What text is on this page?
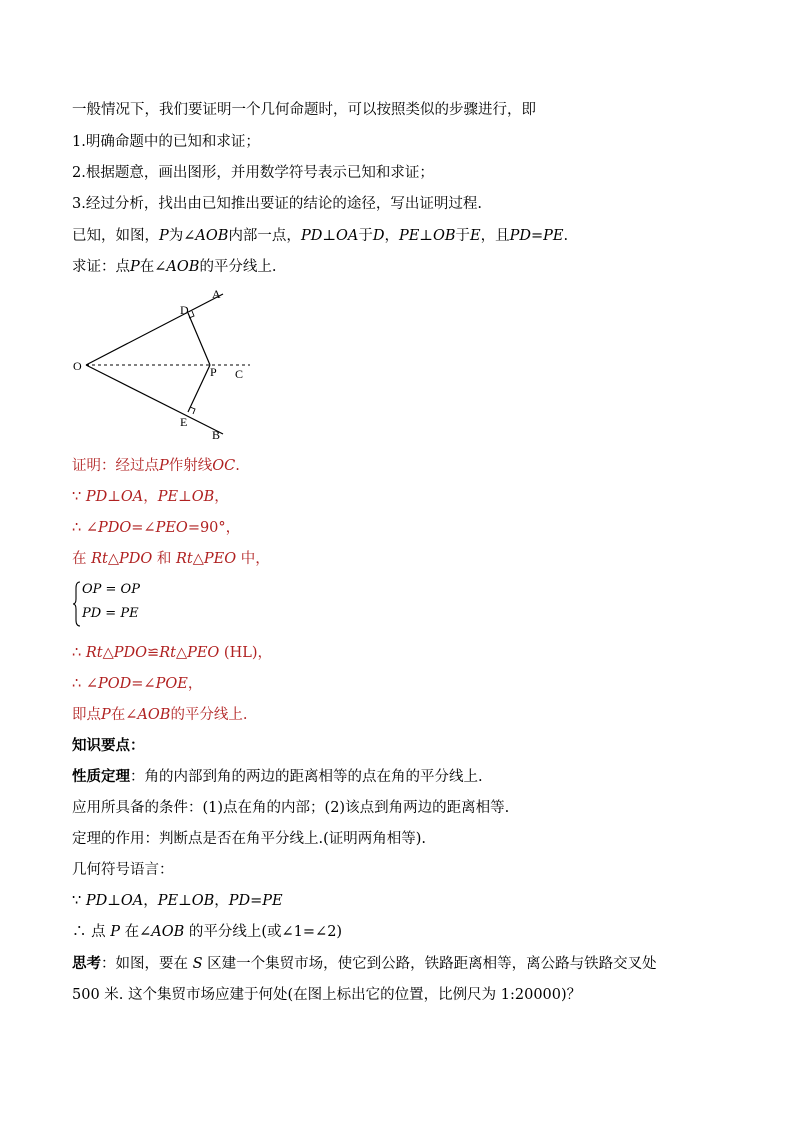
一般情况下，我们要证明一个几何命题时，可以按照类似的步骤进行，即
1.明确命题中的已知和求证；
2.根据题意，画出图形，并用数学符号表示已知和求证；
3.经过分析，找出由已知推出要证的结论的途径，写出证明过程.
已知，如图，P为∠AOB内部一点，PD⊥OA于D，PE⊥OB于E，且PD=PE.
求证：点P在∠AOB的平分线上.
A
D
O	P C
E
B
证明：经过点P作射线OC.
∵ PD⊥OA，PE⊥OB，
∴ ∠PDO=∠PEO=90°，
在 Rt△PDO 和 Rt△PEO 中，
OP = OP
PD = PE
∴ Rt△PDO≌Rt△PEO (HL)，
∴ ∠POD=∠POE，
即点P在∠AOB的平分线上.
知识要点：
性质定理：角的内部到角的两边的距离相等的点在角的平分线上.
应用所具备的条件：(1)点在角的内部；(2)该点到角两边的距离相等.
定理的作用：判断点是否在角平分线上.(证明两角相等).
几何符号语言：
∵ PD⊥OA，PE⊥OB，PD=PE
∴ 点 P 在∠AOB 的平分线上(或∠1=∠2)
思考：如图，要在 S 区建一个集贸市场，使它到公路，铁路距离相等，离公路与铁路交叉处
500 米. 这个集贸市场应建于何处(在图上标出它的位置，比例尺为 1:20000)？
